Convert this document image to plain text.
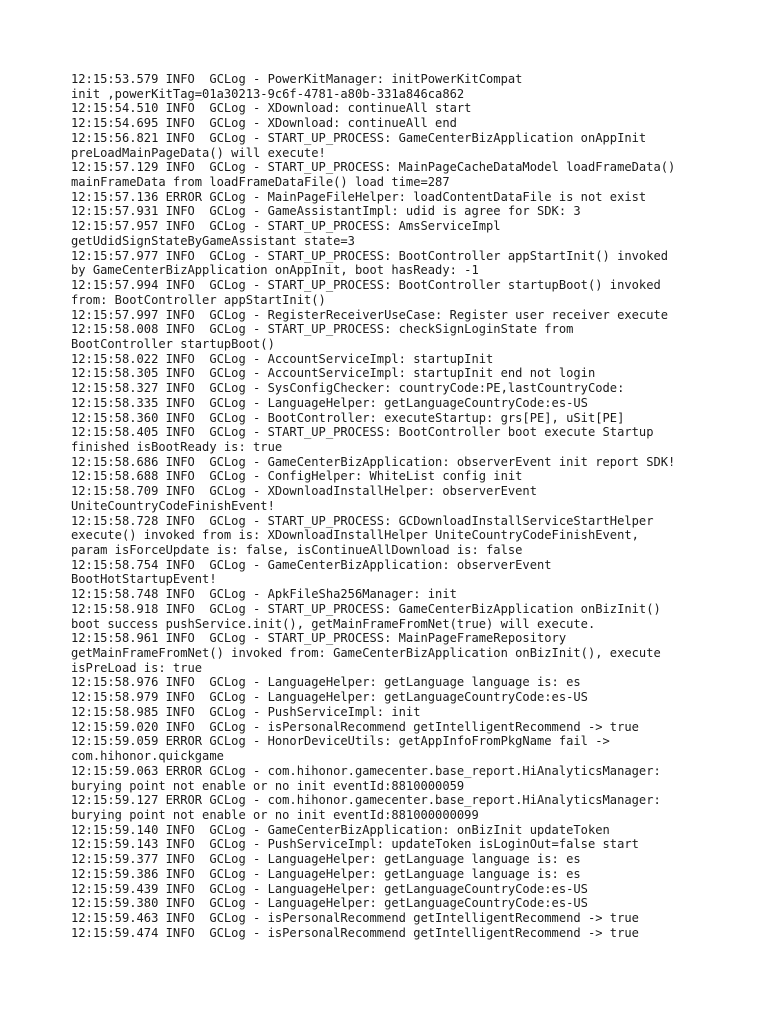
12:15:53.579 INFO  GCLog - PowerKitManager: initPowerKitCompat
init ,powerKitTag=01a30213-9c6f-4781-a80b-331a846ca862
12:15:54.510 INFO  GCLog - XDownload: continueAll start
12:15:54.695 INFO  GCLog - XDownload: continueAll end
12:15:56.821 INFO  GCLog - START_UP_PROCESS: GameCenterBizApplication onAppInit
preLoadMainPageData() will execute!
12:15:57.129 INFO  GCLog - START_UP_PROCESS: MainPageCacheDataModel loadFrameData()
mainFrameData from loadFrameDataFile() load time=287
12:15:57.136 ERROR GCLog - MainPageFileHelper: loadContentDataFile is not exist
12:15:57.931 INFO  GCLog - GameAssistantImpl: udid is agree for SDK: 3
12:15:57.957 INFO  GCLog - START_UP_PROCESS: AmsServiceImpl
getUdidSignStateByGameAssistant state=3
12:15:57.977 INFO  GCLog - START_UP_PROCESS: BootController appStartInit() invoked
by GameCenterBizApplication onAppInit, boot hasReady: -1
12:15:57.994 INFO  GCLog - START_UP_PROCESS: BootController startupBoot() invoked
from: BootController appStartInit()
12:15:57.997 INFO  GCLog - RegisterReceiverUseCase: Register user receiver execute
12:15:58.008 INFO  GCLog - START_UP_PROCESS: checkSignLoginState from
BootController startupBoot()
12:15:58.022 INFO  GCLog - AccountServiceImpl: startupInit
12:15:58.305 INFO  GCLog - AccountServiceImpl: startupInit end not login
12:15:58.327 INFO  GCLog - SysConfigChecker: countryCode:PE,lastCountryCode:
12:15:58.335 INFO  GCLog - LanguageHelper: getLanguageCountryCode:es-US
12:15:58.360 INFO  GCLog - BootController: executeStartup: grs[PE], uSit[PE]
12:15:58.405 INFO  GCLog - START_UP_PROCESS: BootController boot execute Startup
finished isBootReady is: true
12:15:58.686 INFO  GCLog - GameCenterBizApplication: observerEvent init report SDK!
12:15:58.688 INFO  GCLog - ConfigHelper: WhiteList config init
12:15:58.709 INFO  GCLog - XDownloadInstallHelper: observerEvent
UniteCountryCodeFinishEvent!
12:15:58.728 INFO  GCLog - START_UP_PROCESS: GCDownloadInstallServiceStartHelper
execute() invoked from is: XDownloadInstallHelper UniteCountryCodeFinishEvent,
param isForceUpdate is: false, isContinueAllDownload is: false
12:15:58.754 INFO  GCLog - GameCenterBizApplication: observerEvent
BootHotStartupEvent!
12:15:58.748 INFO  GCLog - ApkFileSha256Manager: init
12:15:58.918 INFO  GCLog - START_UP_PROCESS: GameCenterBizApplication onBizInit()
boot success pushService.init(), getMainFrameFromNet(true) will execute.
12:15:58.961 INFO  GCLog - START_UP_PROCESS: MainPageFrameRepository
getMainFrameFromNet() invoked from: GameCenterBizApplication onBizInit(), execute
isPreLoad is: true
12:15:58.976 INFO  GCLog - LanguageHelper: getLanguage language is: es
12:15:58.979 INFO  GCLog - LanguageHelper: getLanguageCountryCode:es-US
12:15:58.985 INFO  GCLog - PushServiceImpl: init
12:15:59.020 INFO  GCLog - isPersonalRecommend getIntelligentRecommend -> true
12:15:59.059 ERROR GCLog - HonorDeviceUtils: getAppInfoFromPkgName fail ->
com.hihonor.quickgame
12:15:59.063 ERROR GCLog - com.hihonor.gamecenter.base_report.HiAnalyticsManager:
burying point not enable or no init eventId:8810000059
12:15:59.127 ERROR GCLog - com.hihonor.gamecenter.base_report.HiAnalyticsManager:
burying point not enable or no init eventId:881000000099
12:15:59.140 INFO  GCLog - GameCenterBizApplication: onBizInit updateToken
12:15:59.143 INFO  GCLog - PushServiceImpl: updateToken isLoginOut=false start
12:15:59.377 INFO  GCLog - LanguageHelper: getLanguage language is: es
12:15:59.386 INFO  GCLog - LanguageHelper: getLanguage language is: es
12:15:59.439 INFO  GCLog - LanguageHelper: getLanguageCountryCode:es-US
12:15:59.380 INFO  GCLog - LanguageHelper: getLanguageCountryCode:es-US
12:15:59.463 INFO  GCLog - isPersonalRecommend getIntelligentRecommend -> true
12:15:59.474 INFO  GCLog - isPersonalRecommend getIntelligentRecommend -> true
